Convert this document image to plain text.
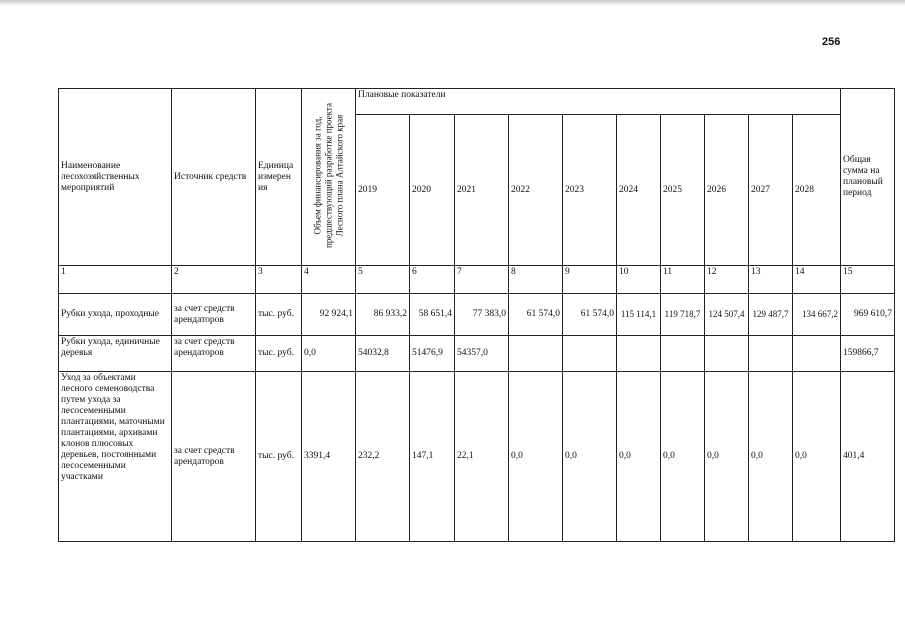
256
Наименование лесохозяйственных мероприятий	Источник средств	Единица измерен ия	Объем финансирования за год, предшествующий разработке проекта Лесного плана Алтайского края	Плановые показатели										Общая сумма на плановый период
				2019	2020	2021	2022	2023	2024	2025	2026	2027	2028	
1	2	3	4	5	6	7	8	9	10	11	12	13	14	15
Рубки ухода, проходные	за счет средств арендаторов	тыс. руб.	92 924,1	86 933,2	58 651,4	77 383,0	61 574,0	61 574,0	115 114,1	119 718,7	124 507,4	129 487,7	134 667,2	969 610,7
Рубки ухода, единичные деревья	за счет средств арендаторов	тыс. руб.	0,0	54032,8	51476,9	54357,0								159866,7
Уход за объектами лесного семеноводства путем ухода за лесосеменными плантациями, маточными плантациями, архивами клонов плюсовых деревьев, постоянными лесосеменными участками	за счет средств арендаторов	тыс. руб.	3391,4	232,2	147,1	22,1	0,0	0,0	0,0	0,0	0,0	0,0	0,0	401,4
